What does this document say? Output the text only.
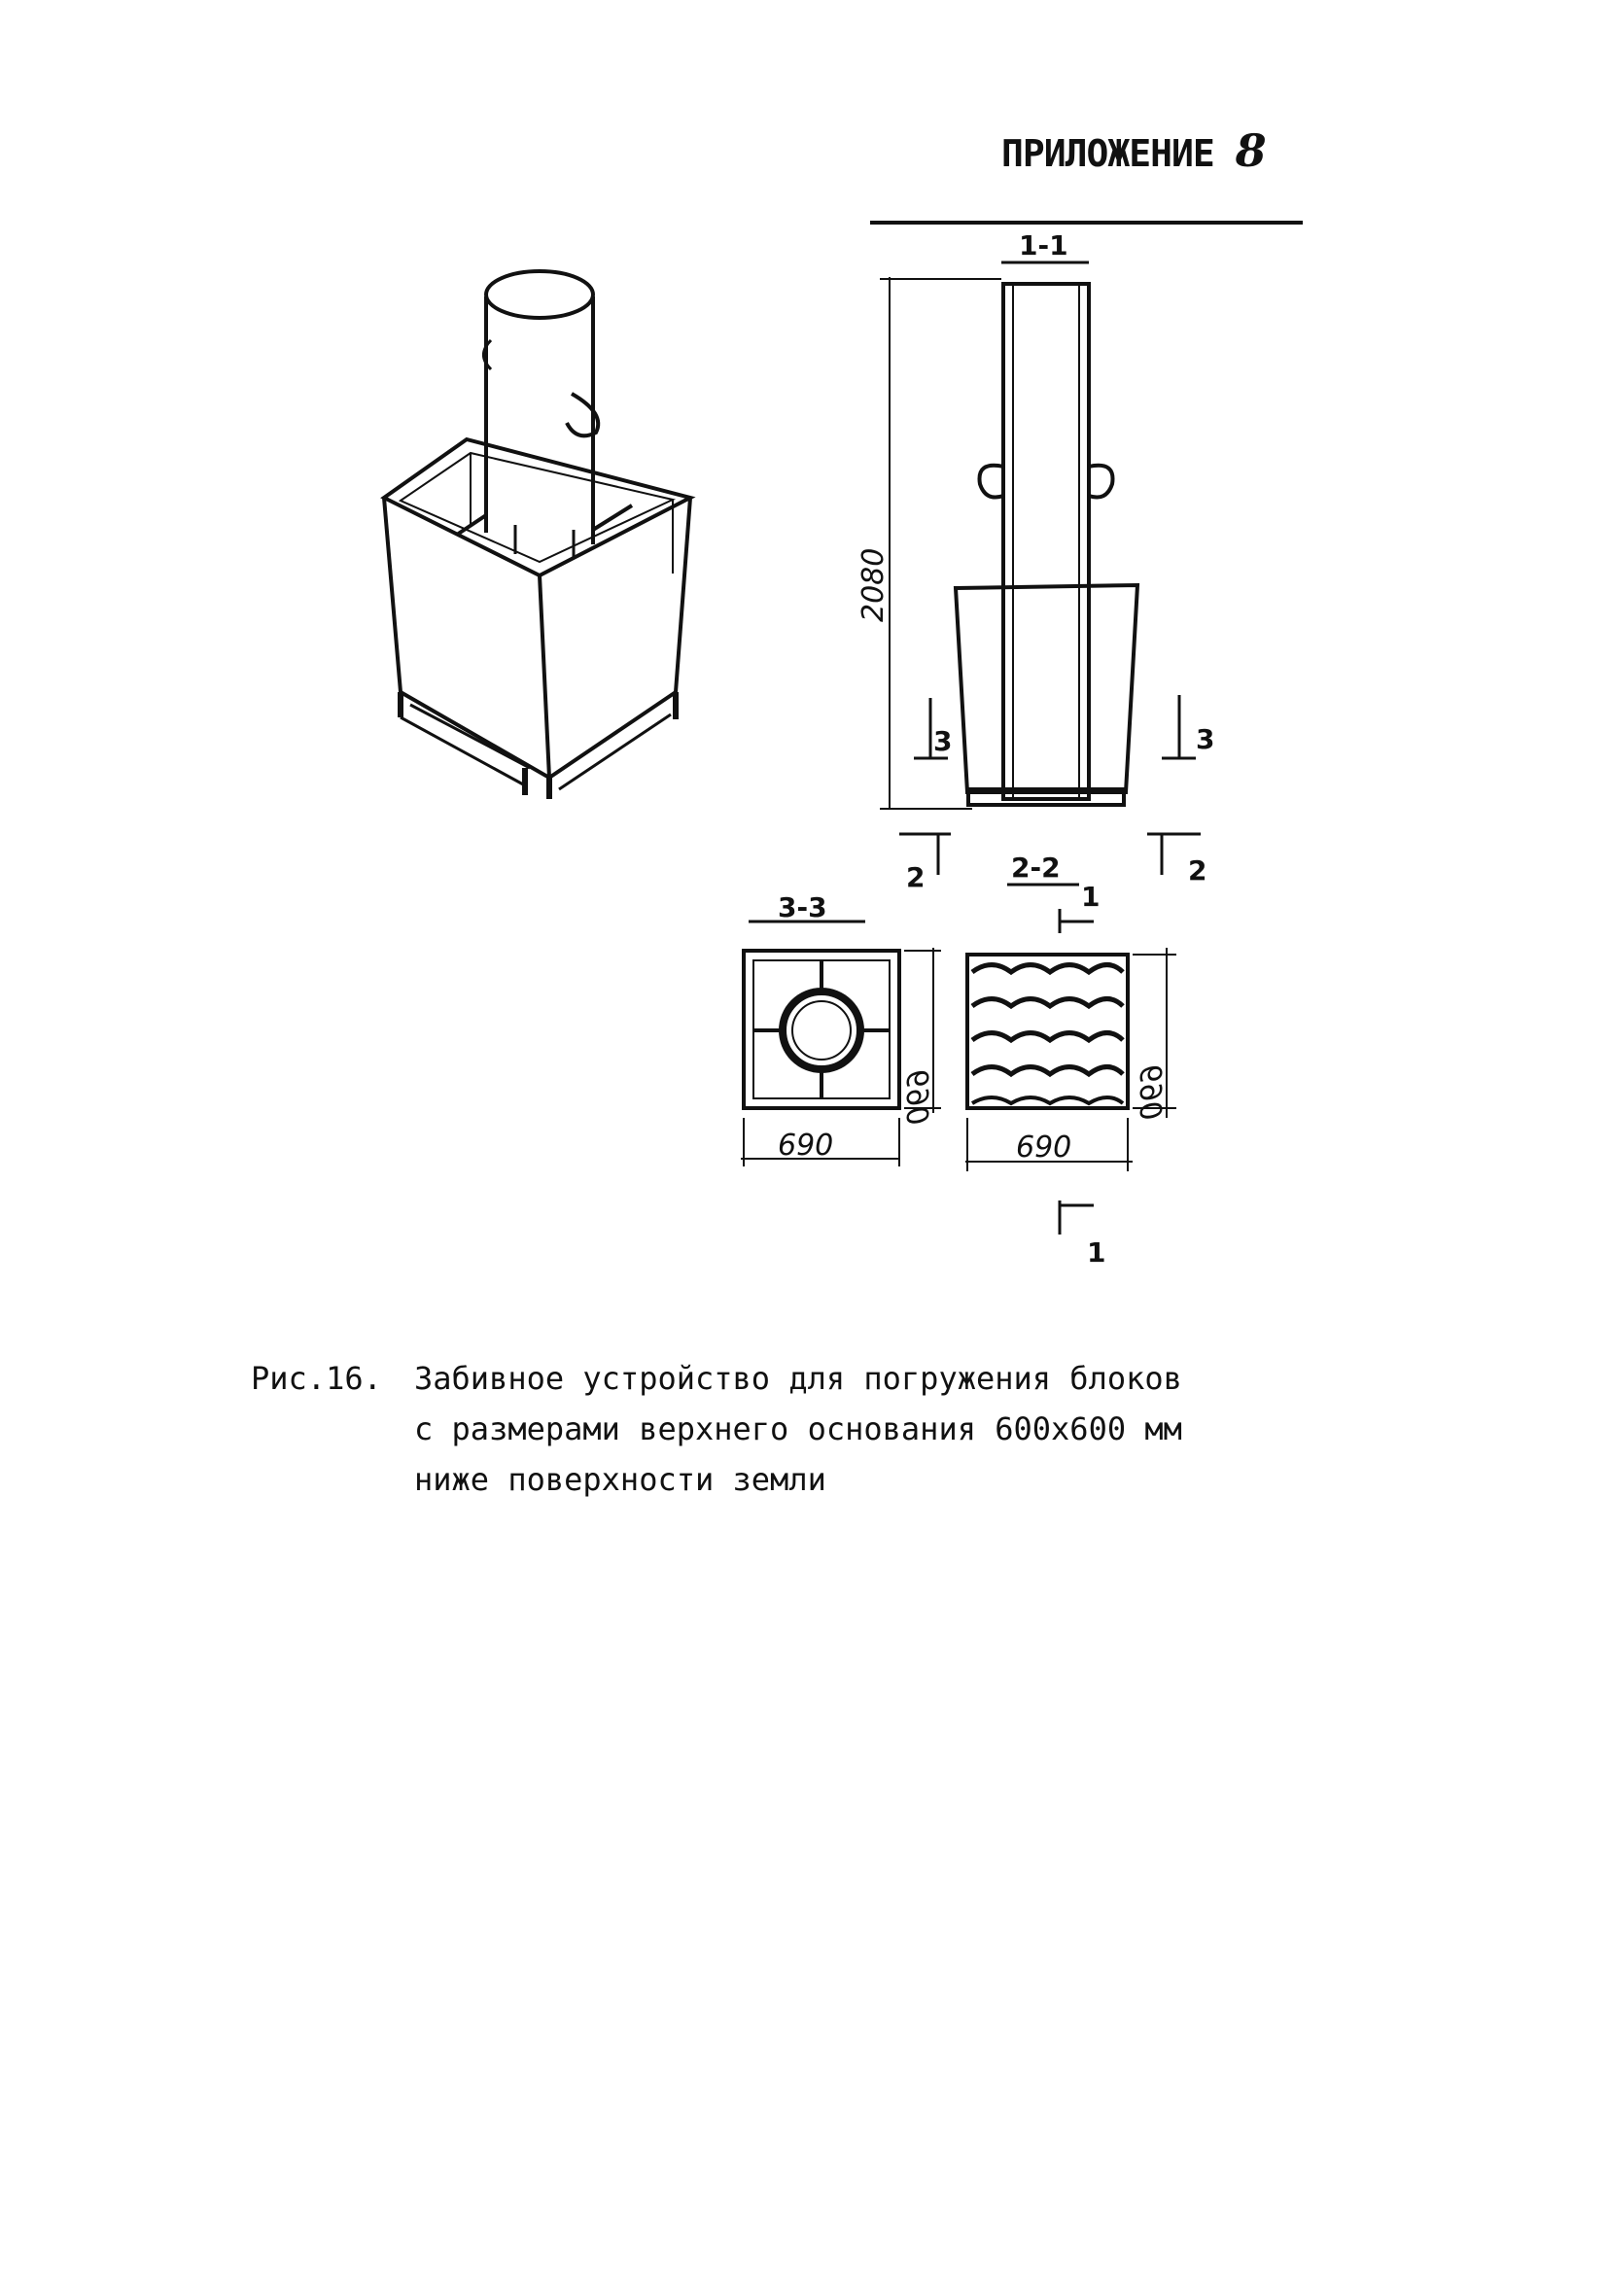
ПРИЛОЖЕНИЕ 8
1-1
2080
3	3
2	2
2-2
3-3	1
1
690
690
690
690
Рис.16.	Забивное устройство для погружения блоков
с размерами верхнего основания 600х600 мм
ниже поверхности земли
